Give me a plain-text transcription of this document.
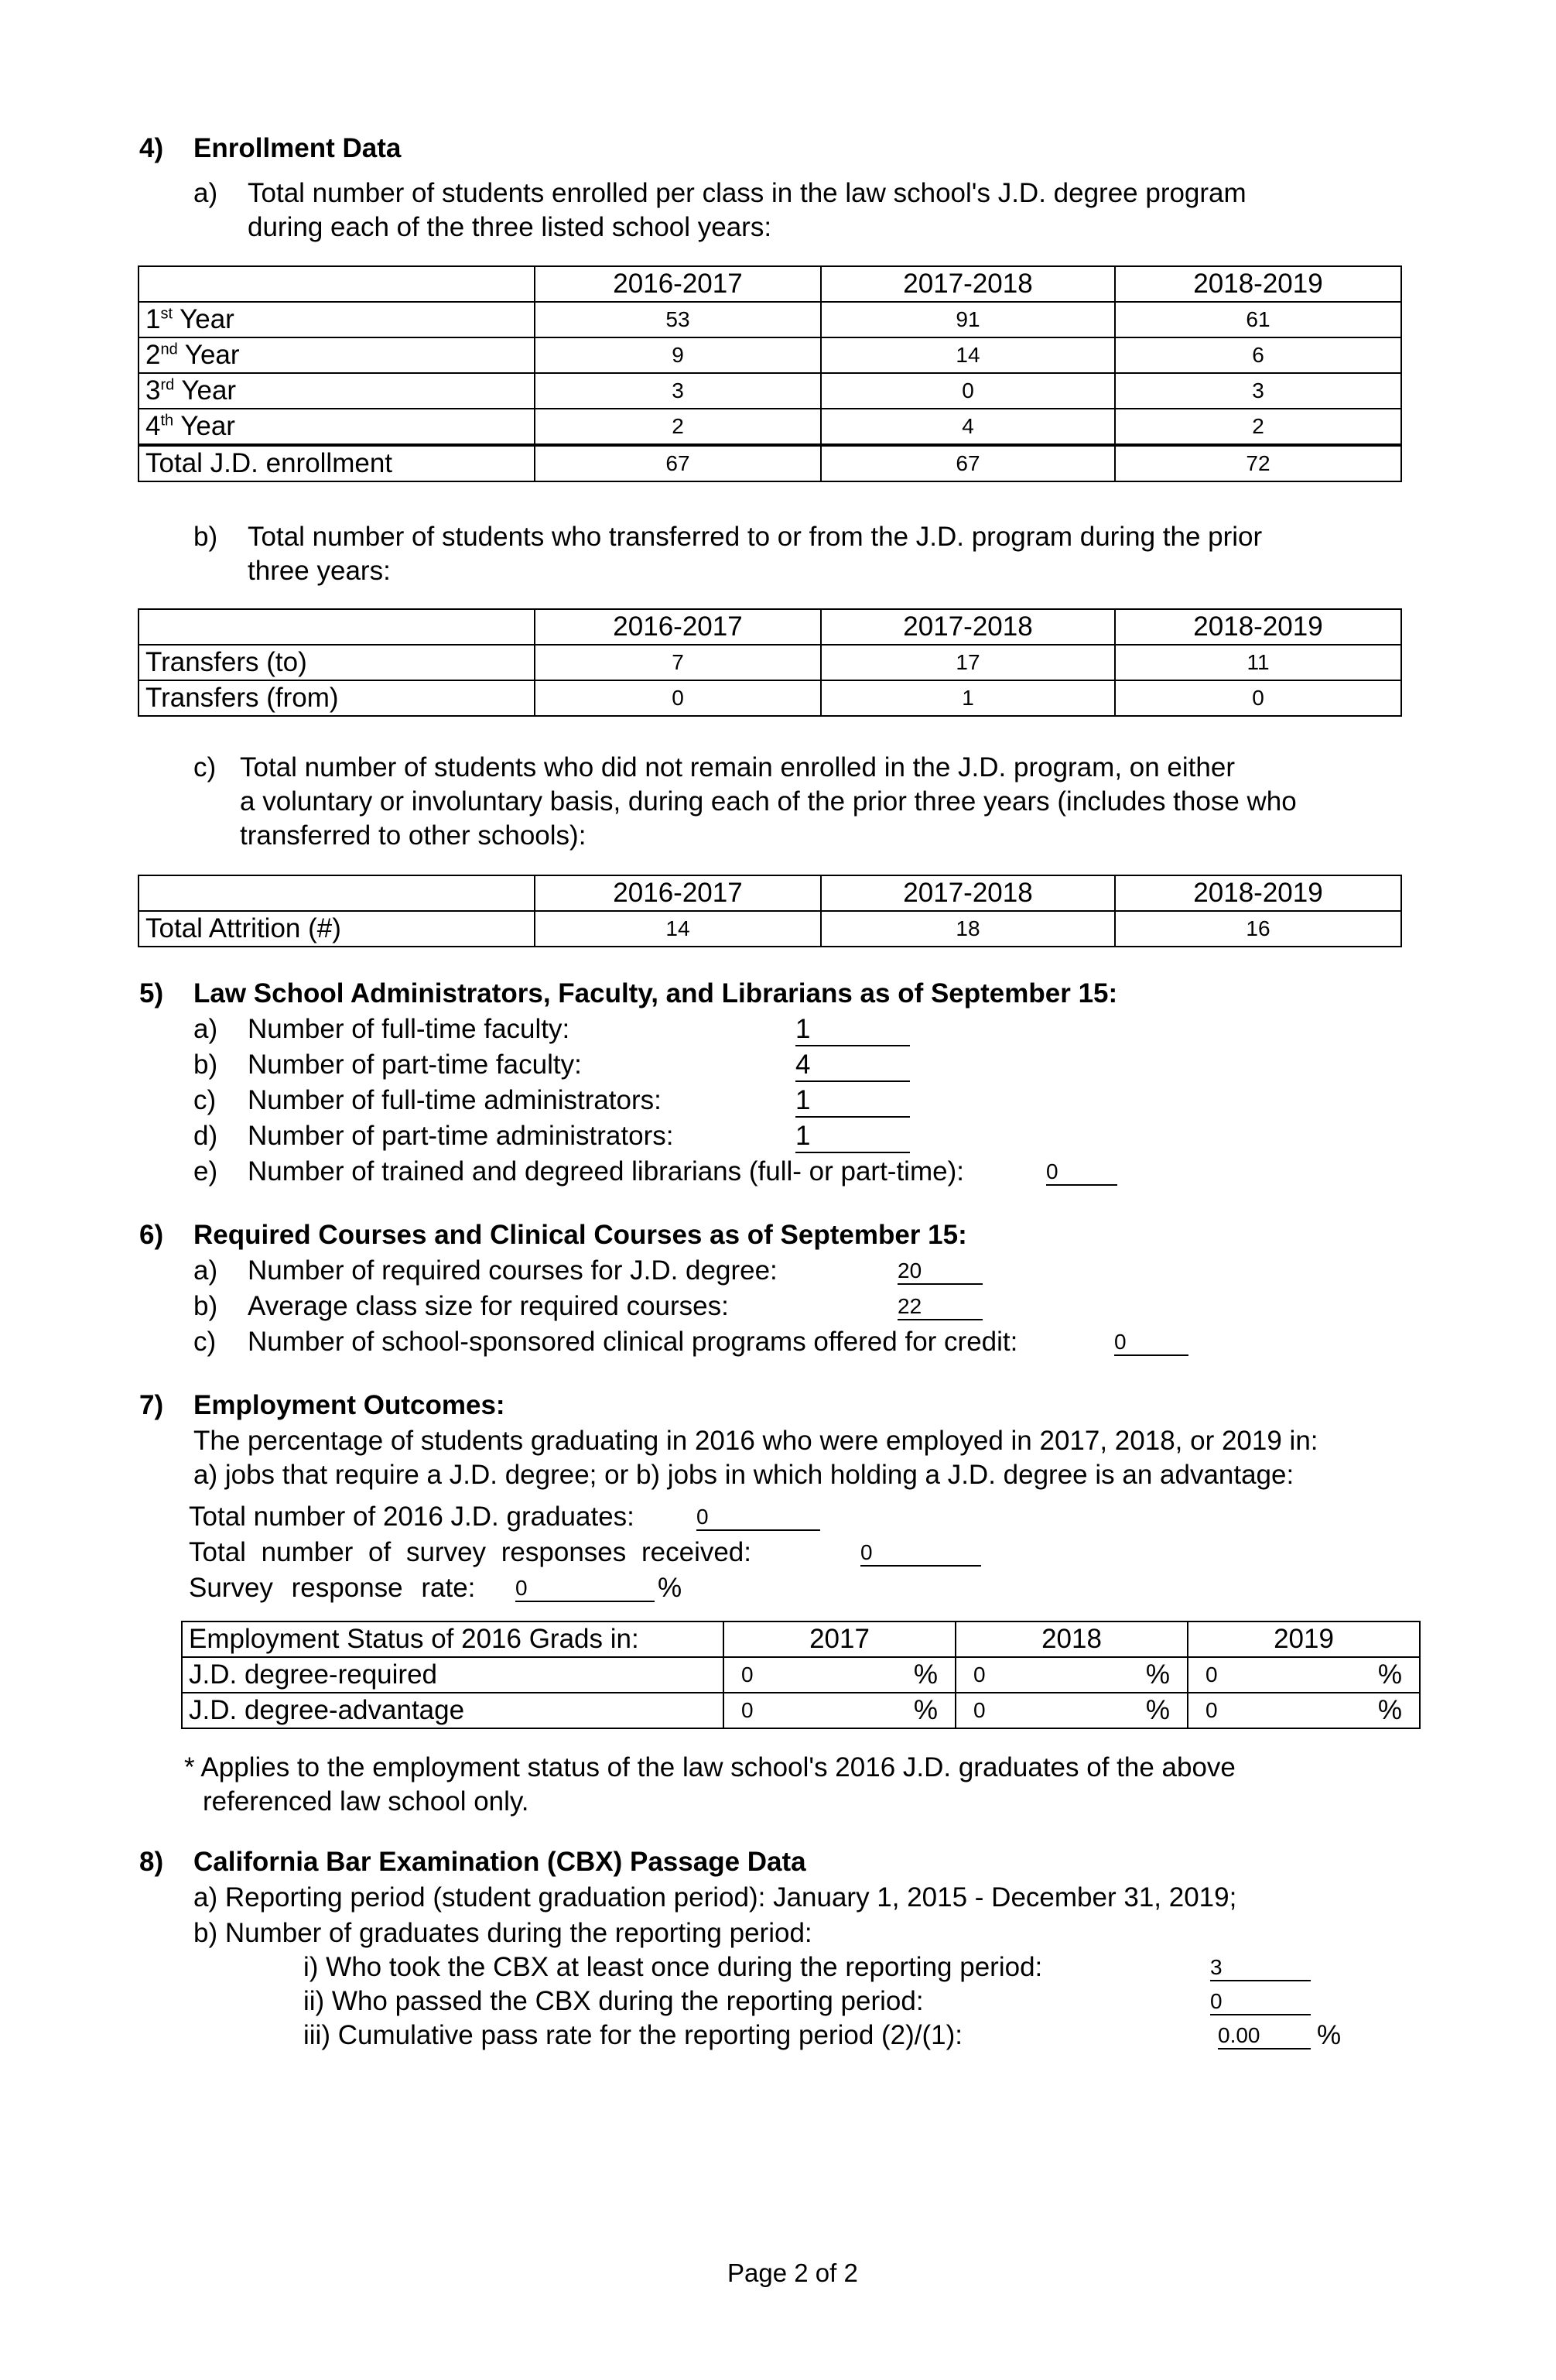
4) Enrollment Data
a) Total number of students enrolled per class in the law school's J.D. degree program
during each of the three listed school years:
	2016-2017	2017-2018	2018-2019
1st Year	53	91	61
2nd Year	9	14	6
3rd Year	3	0	3
4th Year	2	4	2
Total J.D. enrollment	67	67	72
b) Total number of students who transferred to or from the J.D. program during the prior
three years:
	2016-2017	2017-2018	2018-2019
Transfers (to)	7	17	11
Transfers (from)	0	1	0
c) Total number of students who did not remain enrolled in the J.D. program, on either
a voluntary or involuntary basis, during each of the prior three years (includes those who
transferred to other schools):
	2016-2017	2017-2018	2018-2019
Total Attrition (#)	14	18	16
5) Law School Administrators, Faculty, and Librarians as of September 15:
a) Number of full-time faculty:	1
b) Number of part-time faculty:	4
c) Number of full-time administrators:	1
d) Number of part-time administrators:	1
e) Number of trained and degreed librarians (full- or part-time):	0
6) Required Courses and Clinical Courses as of September 15:
a) Number of required courses for J.D. degree:	20
b) Average class size for required courses:	22
c) Number of school-sponsored clinical programs offered for credit:	0
7) Employment Outcomes:
The percentage of students graduating in 2016 who were employed in 2017, 2018, or 2019 in:
a) jobs that require a J.D. degree; or b) jobs in which holding a J.D. degree is an advantage:
Total number of 2016 J.D. graduates:	0
Total number of survey responses received:	0
Survey response rate: 0	%
Employment Status of 2016 Grads in:	2017	2018	2019
J.D. degree-required	0 %	0 %	0 %

J.D. degree-advantage	0 %	0 %	0 %
* Applies to the employment status of the law school's 2016 J.D. graduates of the above
referenced law school only.
8) California Bar Examination (CBX) Passage Data
a) Reporting period (student graduation period): January 1, 2015 - December 31, 2019;
b) Number of graduates during the reporting period:
i) Who took the CBX at least once during the reporting period:	3
ii) Who passed the CBX during the reporting period:	0
iii) Cumulative pass rate for the reporting period (2)/(1):	0.00	%
Page 2 of 2
